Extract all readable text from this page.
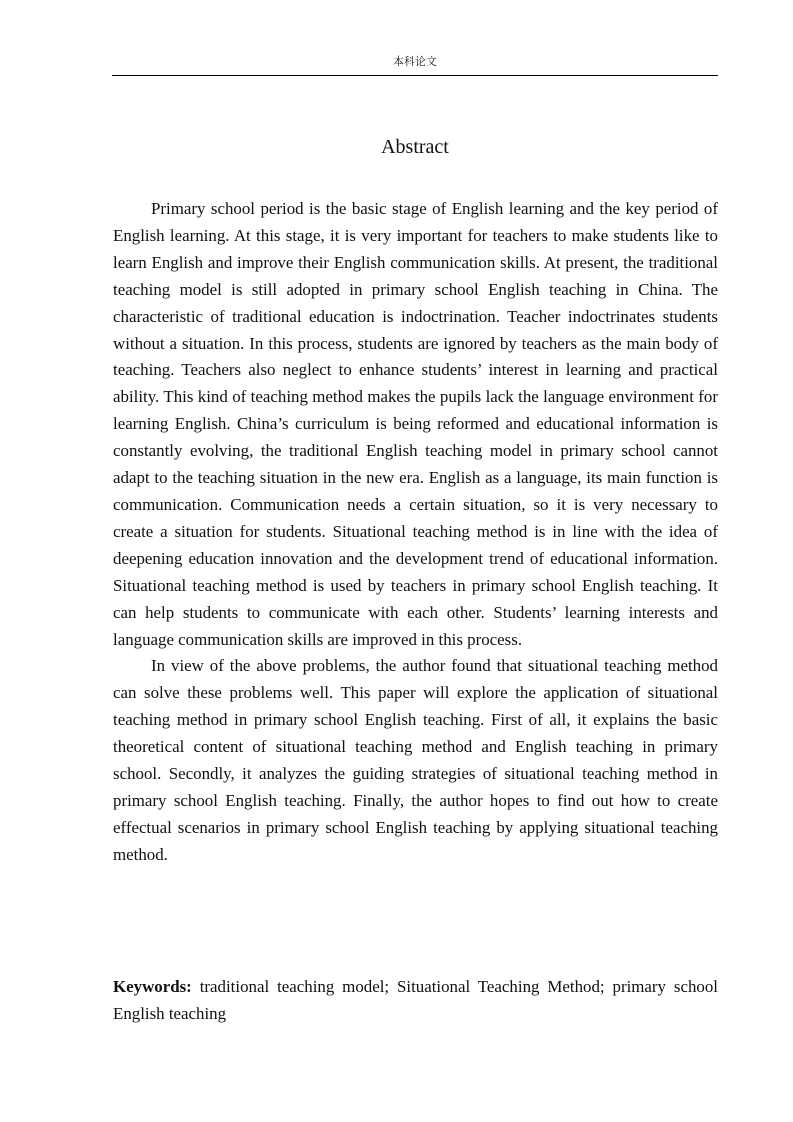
本科论文
Abstract

Primary school period is the basic stage of English learning and the key period of English learning. At this stage, it is very important for teachers to make students like to learn English and improve their English communication skills. At present, the traditional teaching model is still adopted in primary school English teaching in China. The characteristic of traditional education is indoctrination. Teacher indoctrinates students without a situation. In this process, students are ignored by teachers as the main body of teaching. Teachers also neglect to enhance students’ interest in learning and practical ability. This kind of teaching method makes the pupils lack the language environment for learning English. China’s curriculum is being reformed and educational information is constantly evolving, the traditional English teaching model in primary school cannot adapt to the teaching situation in the new era. English as a language, its main function is communication. Communication needs a certain situation, so it is very necessary to create a situation for students. Situational teaching method is in line with the idea of deepening education innovation and the development trend of educational information. Situational teaching method is used by teachers in primary school English teaching. It can help students to communicate with each other. Students’ learning interests and language communication skills are improved in this process.

In view of the above problems, the author found that situational teaching method can solve these problems well. This paper will explore the application of situational teaching method in primary school English teaching. First of all, it explains the basic theoretical content of situational teaching method and English teaching in primary school. Secondly, it analyzes the guiding strategies of situational teaching method in primary school English teaching. Finally, the author hopes to find out how to create effectual scenarios in primary school English teaching by applying situational teaching method.

Keywords: traditional teaching model; Situational Teaching Method; primary school English teaching
